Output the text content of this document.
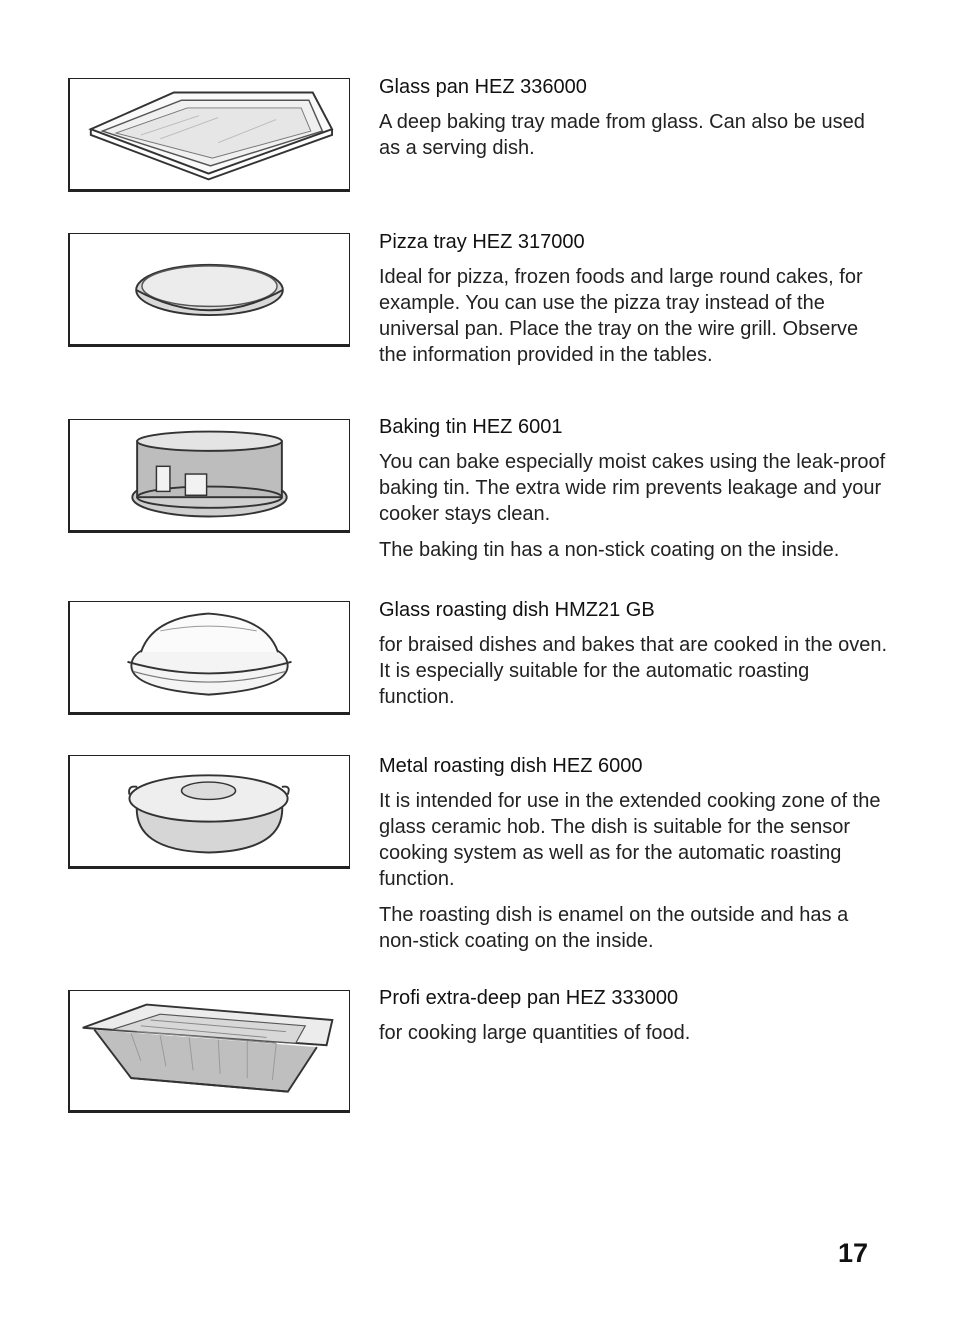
Glass pan HEZ 336000
A deep baking tray made from glass. Can also be used as a serving dish.
Pizza tray HEZ 317000
Ideal for pizza, frozen foods and large round cakes, for example. You can use the pizza tray instead of the universal pan. Place the tray on the wire grill. Observe the information provided in the tables.
Baking tin HEZ 6001
You can bake especially moist cakes using the leak-proof baking tin. The extra wide rim prevents leakage and your cooker stays clean.
The baking tin has a non-stick coating on the inside.
Glass roasting dish HMZ21 GB
for braised dishes and bakes that are cooked in the oven. It is especially suitable for the automatic roasting function.
Metal roasting dish HEZ 6000
It is intended for use in the extended cooking zone of the glass ceramic hob. The dish is suitable for the sensor cooking system as well as for the automatic roasting function.
The roasting dish is enamel on the outside and has a non-stick coating on the inside.
Profi extra-deep pan HEZ 333000
for cooking large quantities of food.
17
